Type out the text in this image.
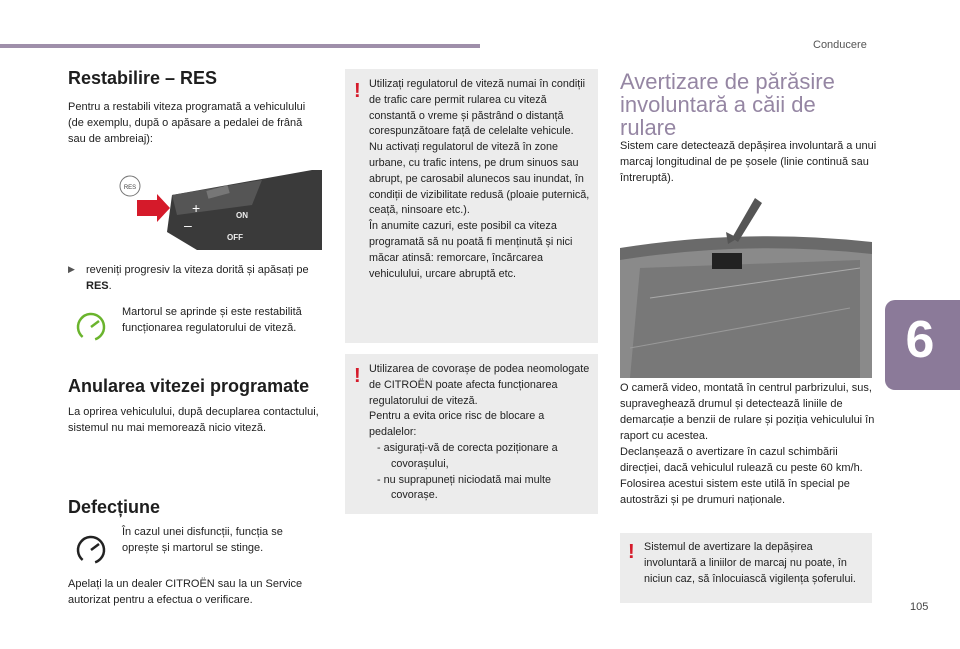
Conducere
6
105
Restabilire – RES

Pentru a restabili viteza programată a vehiculului (de exemplu, după o apăsare a pedalei de frână sau de ambreiaj):

RES
+
–
ON
OFF
▶	reveniți progresiv la viteza dorită și apăsați pe RES.

Martorul se aprinde și este restabilită funcționarea regulatorului de viteză.

Anularea vitezei programate

La oprirea vehiculului, după decuplarea contactului, sistemul nu mai memorează nicio viteză.

Defecțiune

În cazul unei disfuncții, funcția se oprește și martorul se stinge.

Apelați la un dealer CITROËN sau la un Service autorizat pentru a efectua o verificare.

! Utilizați regulatorul de viteză numai în condiții de trafic care permit rularea cu viteză constantă o vreme și păstrând o distanță corespunzătoare față de celelalte vehicule.

Nu activați regulatorul de viteză în zone urbane, cu trafic intens, pe drum sinuos sau abrupt, pe carosabil alunecos sau inundat, în condiții de vizibilitate redusă (ploaie puternică, ceață, ninsoare etc.).

În anumite cazuri, este posibil ca viteza programată să nu poată fi menținută și nici măcar atinsă: remorcare, încărcarea vehiculului, urcare abruptă etc.

! Utilizarea de covorașe de podea neomologate de CITROËN poate afecta funcționarea regulatorului de viteză.

Pentru a evita orice risc de blocare a pedalelor:

- asigurați-vă de corecta poziționare a covorașului,
- nu suprapuneți niciodată mai multe covorașe.
Avertizare de părăsire involuntară a căii de rulare

Sistem care detectează depășirea involuntară a unui marcaj longitudinal de pe șosele (linie continuă sau întreruptă).

O cameră video, montată în centrul parbrizului, sus, supraveghează drumul și detectează liniile de demarcație a benzii de rulare și poziția vehiculului în raport cu acestea.

Declanșează o avertizare în cazul schimbării direcției, dacă vehiculul rulează cu peste 60 km/h.

Folosirea acestui sistem este utilă în special pe autostrăzi și pe drumuri naționale.

! Sistemul de avertizare la depășirea involuntară a liniilor de marcaj nu poate, în niciun caz, să înlocuiască vigilența șoferului.
